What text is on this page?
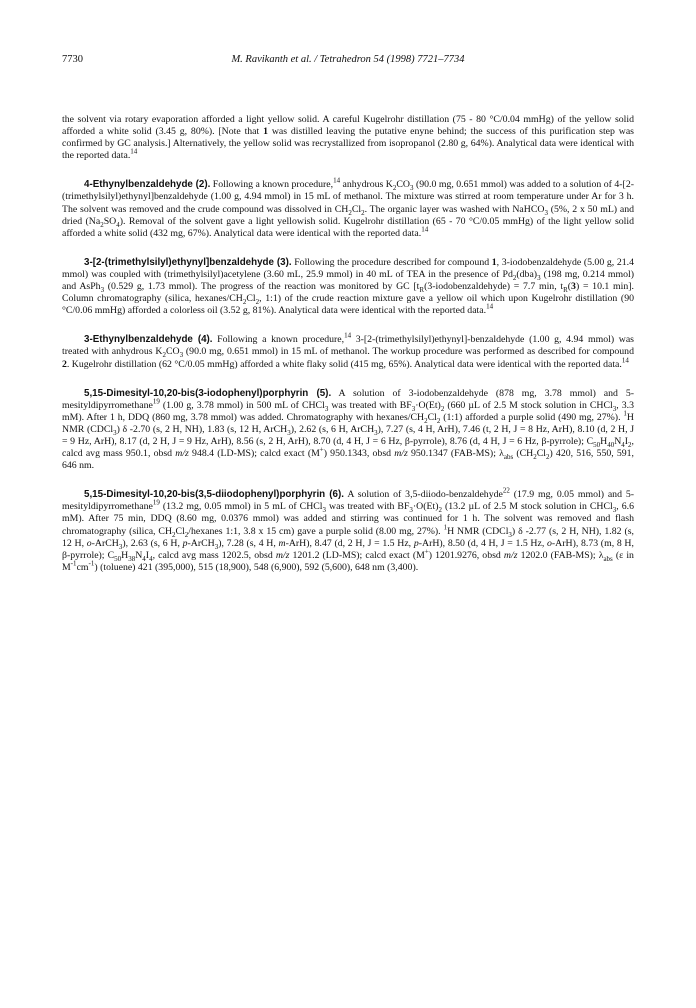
7730	M. Ravikanth et al. / Tetrahedron 54 (1998) 7721–7734

the solvent via rotary evaporation afforded a light yellow solid. A careful Kugelrohr distillation (75 - 80 °C/0.04 mmHg) of the yellow solid afforded a white solid (3.45 g, 80%). [Note that 1 was distilled leaving the putative enyne behind; the success of this purification step was confirmed by GC analysis.] Alternatively, the yellow solid was recrystallized from isopropanol (2.80 g, 64%). Analytical data were identical with the reported data.$^{14}$

4-Ethynylbenzaldehyde (2). Following a known procedure,$^{14}$ anhydrous $K_2CO_3$ (90.0 mg, 0.651 mmol) was added to a solution of 4-[2-(trimethylsilyl)ethynyl]benzaldehyde (1.00 g, 4.94 mmol) in 15 mL of methanol. The mixture was stirred at room temperature under Ar for 3 h. The solvent was removed and the crude compound was dissolved in $CH_2Cl_2$. The organic layer was washed with NaHCO$_3$ (5%, 2 x 50 mL) and dried $(Na_2SO_4)$. Removal of the solvent gave a light yellowish solid. Kugelrohr distillation (65 - 70 °C/0.05 mmHg) of the light yellow solid afforded a white solid (432 mg, 67%). Analytical data were identical with the reported data.$^{14}$

3-[2-(trimethylsilyl)ethynyl]benzaldehyde (3). Following the procedure described for compound 1, 3-iodobenzaldehyde (5.00 g, 21.4 mmol) was coupled with (trimethylsilyl)acetylene (3.60 mL, 25.9 mmol) in 40 mL of TEA in the presence of $Pd_2(dba)_3$ (198 mg, 0.214 mmol) and AsPh$_3$ (0.529 g, 1.73 mmol). The progress of the reaction was monitored by GC [$t_R(3-iodobenzaldehyde) = 7.7$ min, $t_R(3) = 10.1$ min]. Column chromatography (silica, hexanes/$CH_2Cl_2$, 1:1) of the crude reaction mixture gave a yellow oil which upon Kugelrohr distillation (90 °C/0.06 mmHg) afforded a colorless oil (3.52 g, 81%). Analytical data were identical with the reported data.$^{14}$

3-Ethynylbenzaldehyde (4). Following a known procedure,$^{14}$ 3-[2-(trimethylsilyl)ethynyl]-benzaldehyde (1.00 g, 4.94 mmol) was treated with anhydrous $K_2CO_3$ (90.0 mg, 0.651 mmol) in 15 mL of methanol. The workup procedure was performed as described for compound 2. Kugelrohr distillation (62 °C/0.05 mmHg) afforded a white flaky solid (415 mg, 65%). Analytical data were identical with the reported data.$^{14}$

5,15-Dimesityl-10,20-bis(3-iodophenyl)porphyrin (5). A solution of 3-iodobenzaldehyde (878 mg, 3.78 mmol) and 5-mesityldipyrromethane$^{19}$ (1.00 g, 3.78 mmol) in 500 mL of CHCl$_3$ was treated with $BF_3\cdot O(Et)_2$ (660 µL of 2.5 M stock solution in CHCl$_3$, 3.3 mM). After 1 h, DDQ (860 mg, 3.78 mmol) was added. Chromatography with hexanes/$CH_2Cl_2$ (1:1) afforded a purple solid (490 mg, 27%). $^1$H NMR (CDCl$_3$) δ -2.70 (s, 2 H, NH), 1.83 (s, 12 H, ArCH$_3$), 2.62 (s, 6 H, ArCH$_3$), 7.27 (s, 4 H, ArH), 7.46 (t, 2 H, J = 8 Hz, ArH), 8.10 (d, 2 H, J = 9 Hz, ArH), 8.17 (d, 2 H, J = 9 Hz, ArH), 8.56 (s, 2 H, ArH), 8.70 (d, 4 H, J = 6 Hz, β-pyrrole), 8.76 (d, 4 H, J = 6 Hz, β-pyrrole); $C_{50}H_{40}N_4I_2$, calcd avg mass 950.1, obsd m/z 948.4 (LD-MS); calcd exact (M+) 950.1343, obsd m/z 950.1347 (FAB-MS); $\lambda_{abs}$ $(CH_2Cl_2)$ 420, 516, 550, 591, 646 nm.

5,15-Dimesityl-10,20-bis(3,5-diiodophenyl)porphyrin (6). A solution of 3,5-diiodo-benzaldehyde$^{22}$ (17.9 mg, 0.05 mmol) and 5-mesityldipyrromethane$^{19}$ (13.2 mg, 0.05 mmol) in 5 mL of CHCl$_3$ was treated with $BF_3\cdot O(Et)_2$ (13.2 µL of 2.5 M stock solution in CHCl$_3$, 6.6 mM). After 75 min, DDQ (8.60 mg, 0.0376 mmol) was added and stirring was continued for 1 h. The solvent was removed and flash chromatography (silica, $CH_2Cl_2$/hexanes 1:1, 3.8 x 15 cm) gave a purple solid (8.00 mg, 27%). $^1$H NMR (CDCl$_3$) δ -2.77 (s, 2 H, NH), 1.82 (s, 12 H, o-ArCH$_3$), 2.63 (s, 6 H, p-ArCH$_3$), 7.28 (s, 4 H, m-ArH), 8.47 (d, 2 H, J = 1.5 Hz, p-ArH), 8.50 (d, 4 H, J = 1.5 Hz, o-ArH), 8.73 (m, 8 H, β-pyrrole); $C_{50}H_{38}N_4I_4$, calcd avg mass 1202.5, obsd m/z 1201.2 (LD-MS); calcd exact (M+) 1201.9276, obsd m/z 1202.0 (FAB-MS); $\lambda_{abs}$ (ε in $M^{-1}cm^{-1}$) (toluene) 421 (395,000), 515 (18,900), 548 (6,900), 592 (5,600), 648 nm (3,400).
